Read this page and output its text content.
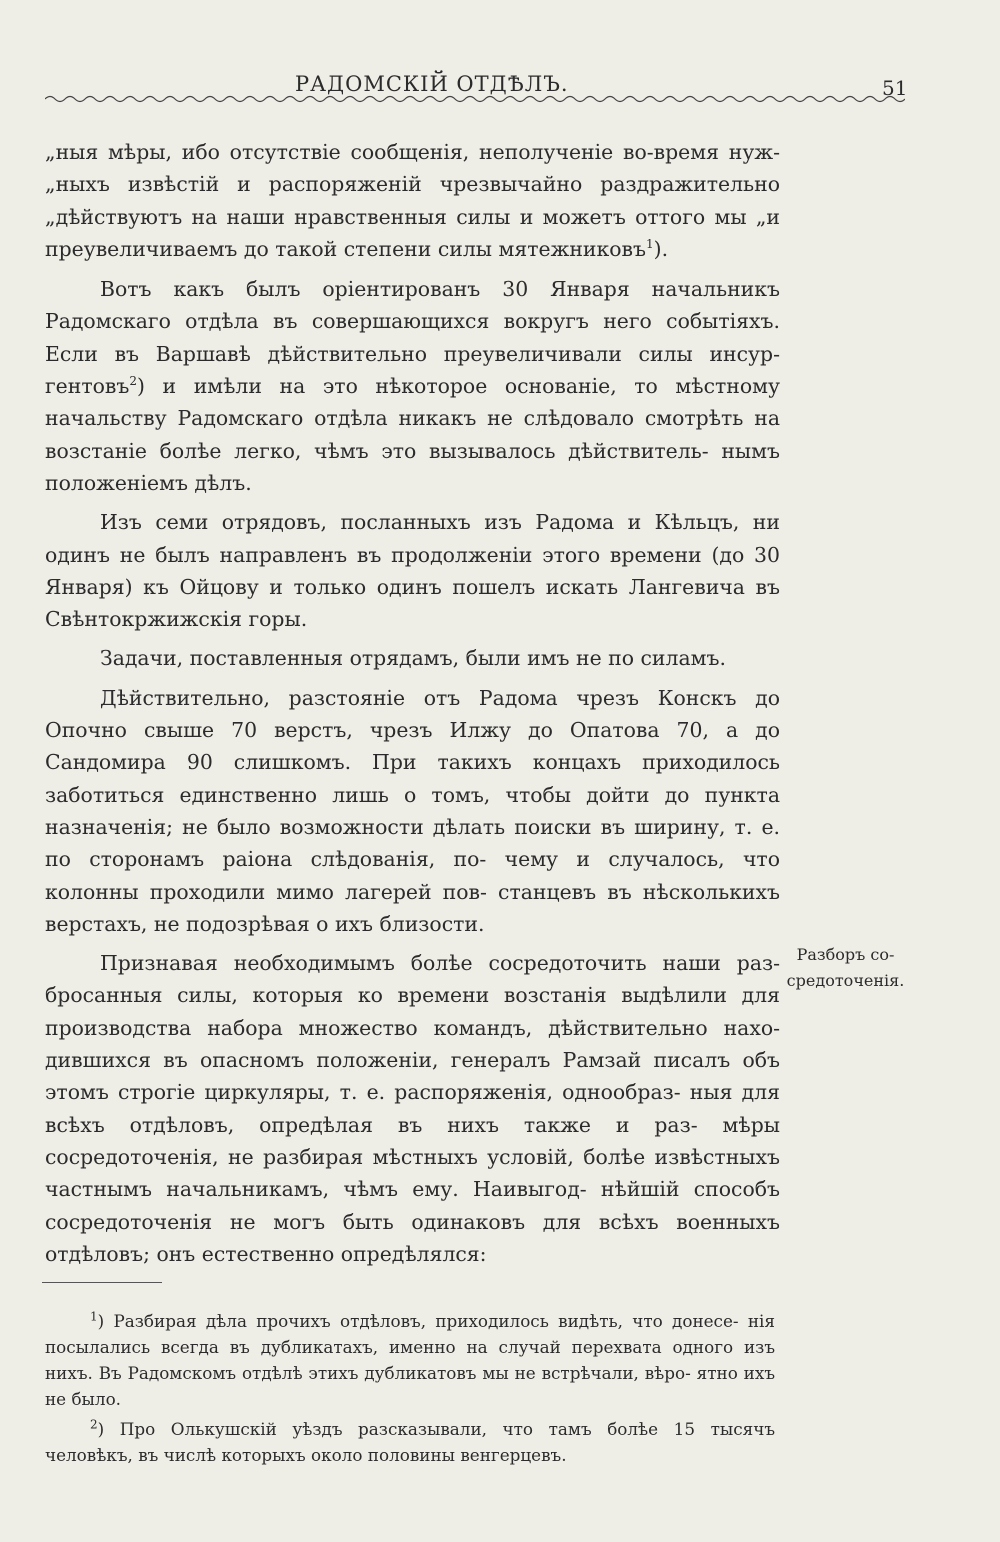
РАДОМСКІЙ ОТДѢЛЪ.	51

„ныя мѣры, ибо отсутствіе сообщенія, неполученіе во-время нуж- „ныхъ извѣстій и распоряженій чрезвычайно раздражительно „дѣйствуютъ на наши нравственныя силы и можетъ оттого мы „и преувеличиваемъ до такой степени силы мятежниковъ$^1$).

Вотъ какъ былъ оріентированъ 30 Января начальникъ Радомскаго отдѣла въ совершающихся вокругъ него событіяхъ. Если въ Варшавѣ дѣйствительно преувеличивали силы инсур- гентовъ$^2$) и имѣли на это нѣкоторое основаніе, то мѣстному начальству Радомскаго отдѣла никакъ не слѣдовало смотрѣть на возстаніе болѣе легко, чѣмъ это вызывалось дѣйствитель- нымъ положеніемъ дѣлъ.

Изъ семи отрядовъ, посланныхъ изъ Радома и Кѣльцъ, ни одинъ не былъ направленъ въ продолженіи этого времени (до 30 Января) къ Ойцову и только одинъ пошелъ искать Лангевича въ Свѣнтокржижскія горы.

Задачи, поставленныя отрядамъ, были имъ не по силамъ.

Дѣйствительно, разстояніе отъ Радома чрезъ Конскъ до Опочно свыше 70 верстъ, чрезъ Илжу до Опатова 70, а до Сандомира 90 слишкомъ. При такихъ концахъ приходилось заботиться единственно лишь о томъ, чтобы дойти до пункта назначенія; не было возможности дѣлать поиски въ ширину, т. е. по сторонамъ раіона слѣдованія, по- чему и случалось, что колонны проходили мимо лагерей пов- станцевъ въ нѣсколькихъ верстахъ, не подозрѣвая о ихъ близости.

Признавая необходимымъ болѣе сосредоточить наши раз- бросанныя силы, которыя ко времени возстанія выдѣлили для производства набора множество командъ, дѣйствительно нахо- дившихся въ опасномъ положеніи, генералъ Рамзай писалъ объ этомъ строгіе циркуляры, т. е. распоряженія, однообраз- ныя для всѣхъ отдѣловъ, опредѣлая въ нихъ также и раз- мѣры сосредоточенія, не разбирая мѣстныхъ условій, болѣе извѣстныхъ частнымъ начальникамъ, чѣмъ ему. Наивыгод- нѣйшій способъ сосредоточенія не могъ быть одинаковъ для всѣхъ военныхъ отдѣловъ; онъ естественно опредѣлялся:

Разборъ со- средоточенія.

$^1$) Разбирая дѣла прочихъ отдѣловъ, приходилось видѣть, что донесе- нія посылались всегда въ дубликатахъ, именно на случай перехвата одного изъ нихъ. Въ Радомскомъ отдѣлѣ этихъ дубликатовъ мы не встрѣчали, вѣро- ятно ихъ не было.

$^2$) Про Олькушскій уѣздъ разсказывали, что тамъ болѣе 15 тысячъ человѣкъ, въ числѣ которыхъ около половины венгерцевъ.
